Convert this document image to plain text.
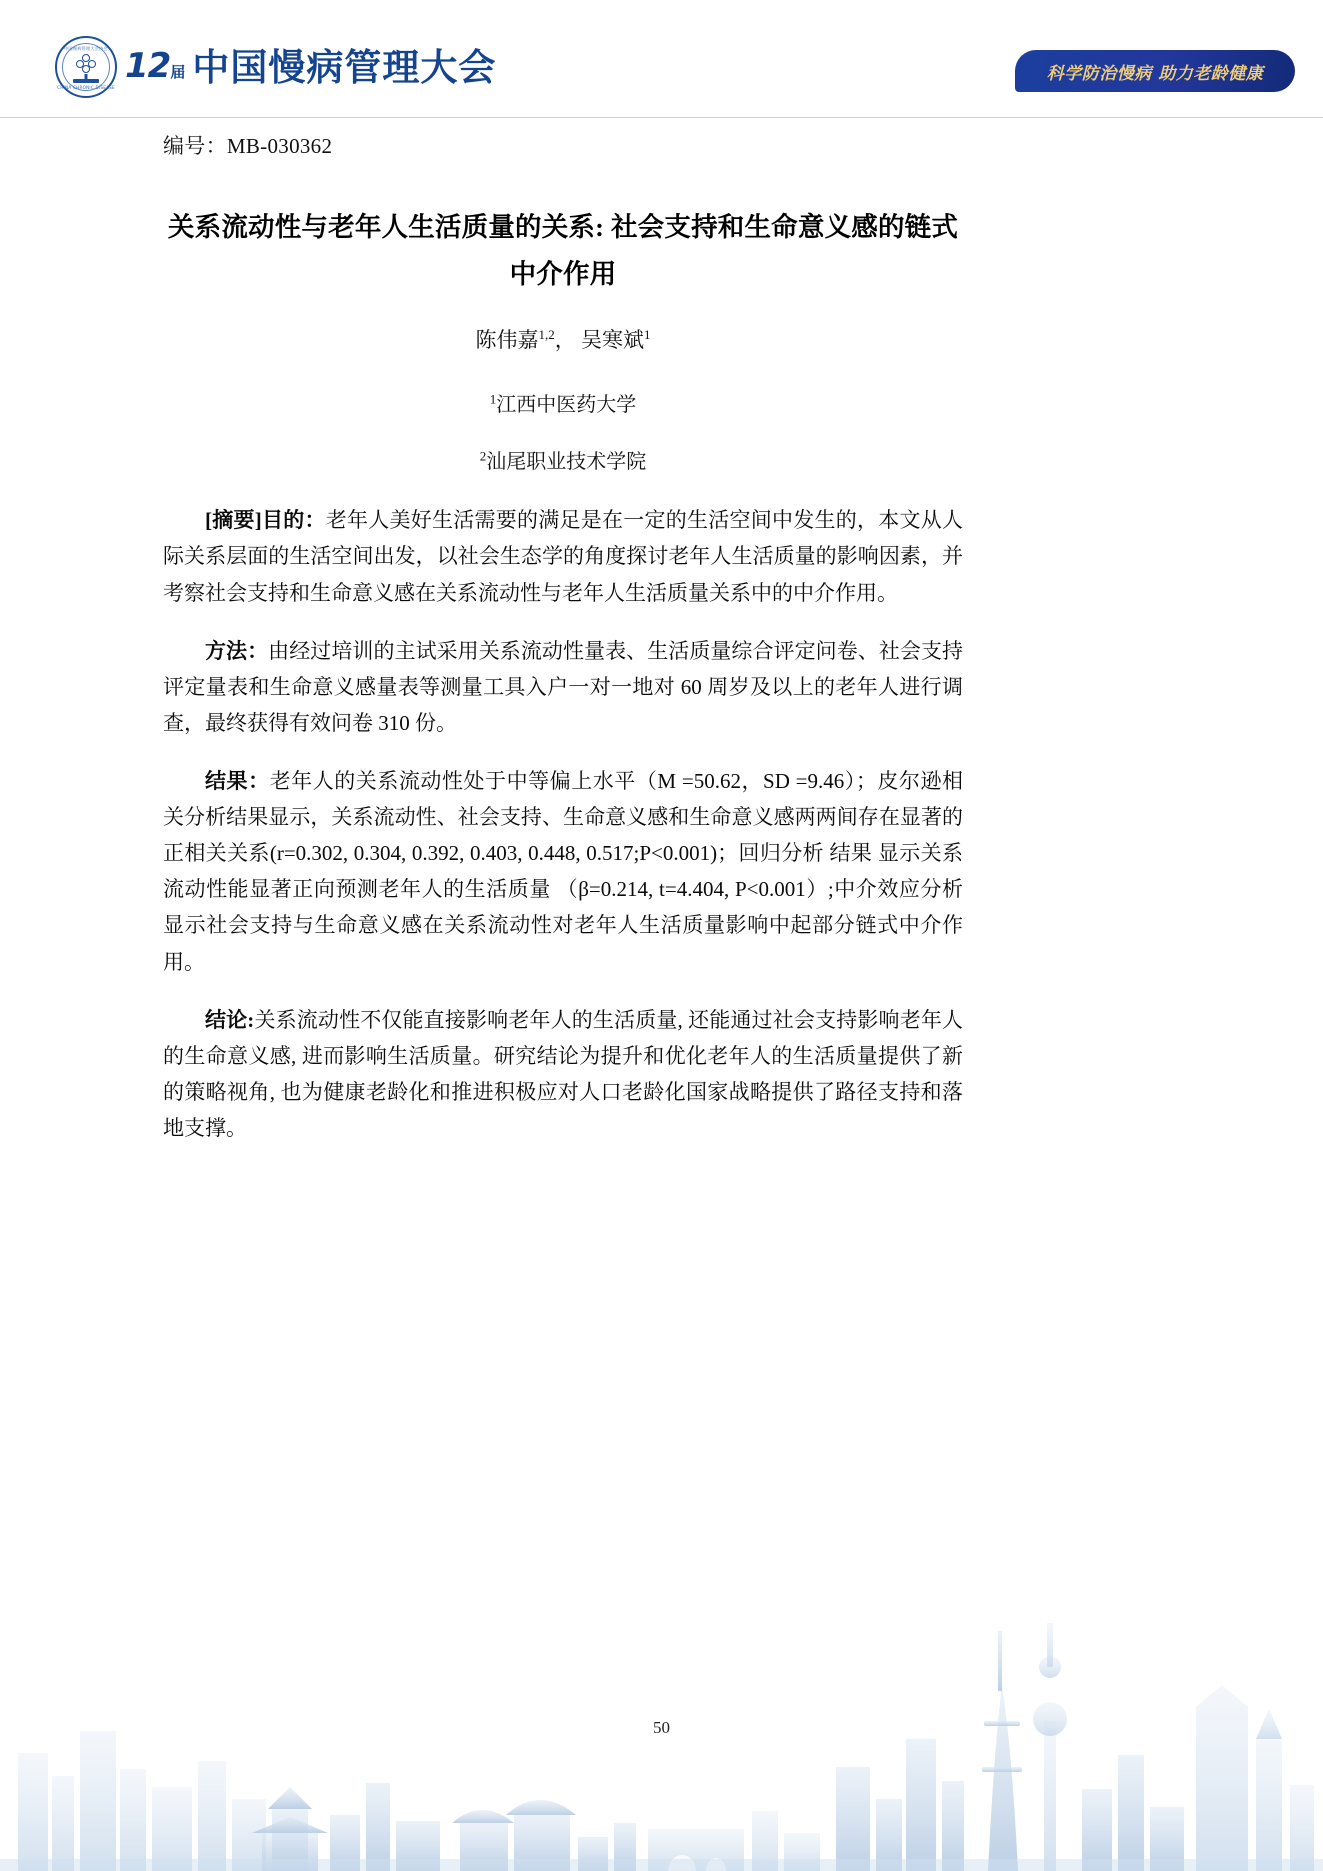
中国慢病管理大会协会
CHINA CHRONIC DISEASE
12届 中国慢病管理大会	科学防治慢病 助力老龄健康
编号：MB-030362
关系流动性与老年人生活质量的关系: 社会支持和生命意义感的链式中介作用
陈伟嘉$^{1,2}$， 吴寒斌$^1$
$^1$江西中医药大学
$^2$汕尾职业技术学院

[摘要]目的：老年人美好生活需要的满足是在一定的生活空间中发生的，本文从人际关系层面的生活空间出发，以社会生态学的角度探讨老年人生活质量的影响因素，并考察社会支持和生命意义感在关系流动性与老年人生活质量关系中的中介作用。

方法：由经过培训的主试采用关系流动性量表、生活质量综合评定问卷、社会支持评定量表和生命意义感量表等测量工具入户一对一地对 60 周岁及以上的老年人进行调查，最终获得有效问卷 310 份。

结果：老年人的关系流动性处于中等偏上水平（M =50.62，SD =9.46）；皮尔逊相关分析结果显示，关系流动性、社会支持、生命意义感和生命意义感两两间存在显著的正相关关系(r=0.302, 0.304, 0.392, 0.403, 0.448, 0.517;P<0.001)；回归分析 结果 显示关系流动性能显著正向预测老年人的生活质量 （β=0.214, t=4.404, P<0.001）;中介效应分析显示社会支持与生命意义感在关系流动性对老年人生活质量影响中起部分链式中介作用。

结论:关系流动性不仅能直接影响老年人的生活质量, 还能通过社会支持影响老年人的生命意义感, 进而影响生活质量。研究结论为提升和优化老年人的生活质量提供了新的策略视角, 也为健康老龄化和推进积极应对人口老龄化国家战略提供了路径支持和落地支撑。

50
